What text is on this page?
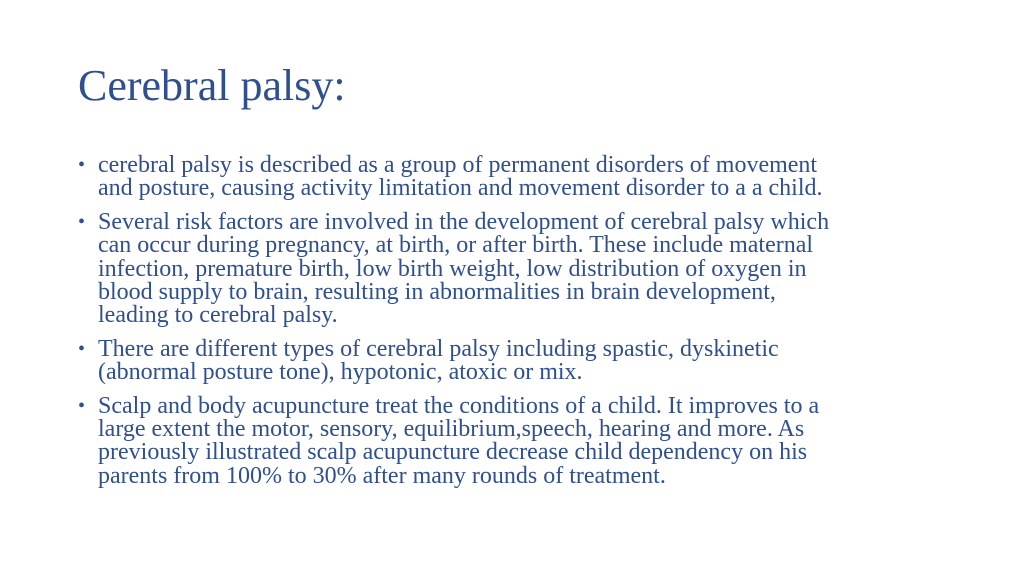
Cerebral palsy:
• cerebral palsy is described as a group of permanent disorders of movement
and posture, causing activity limitation and movement disorder to a a child.
• Several risk factors are involved in the development of cerebral palsy which
can occur during pregnancy, at birth, or after birth. These include maternal
infection, premature birth, low birth weight, low distribution of oxygen in
blood supply to brain, resulting in abnormalities in brain development,
leading to cerebral palsy.
• There are different types of cerebral palsy including spastic, dyskinetic
(abnormal posture tone), hypotonic, atoxic or mix.
• Scalp and body acupuncture treat the conditions of a child. It improves to a
large extent the motor, sensory, equilibrium,speech, hearing and more. As
previously illustrated scalp acupuncture decrease child dependency on his
parents from 100% to 30% after many rounds of treatment.
